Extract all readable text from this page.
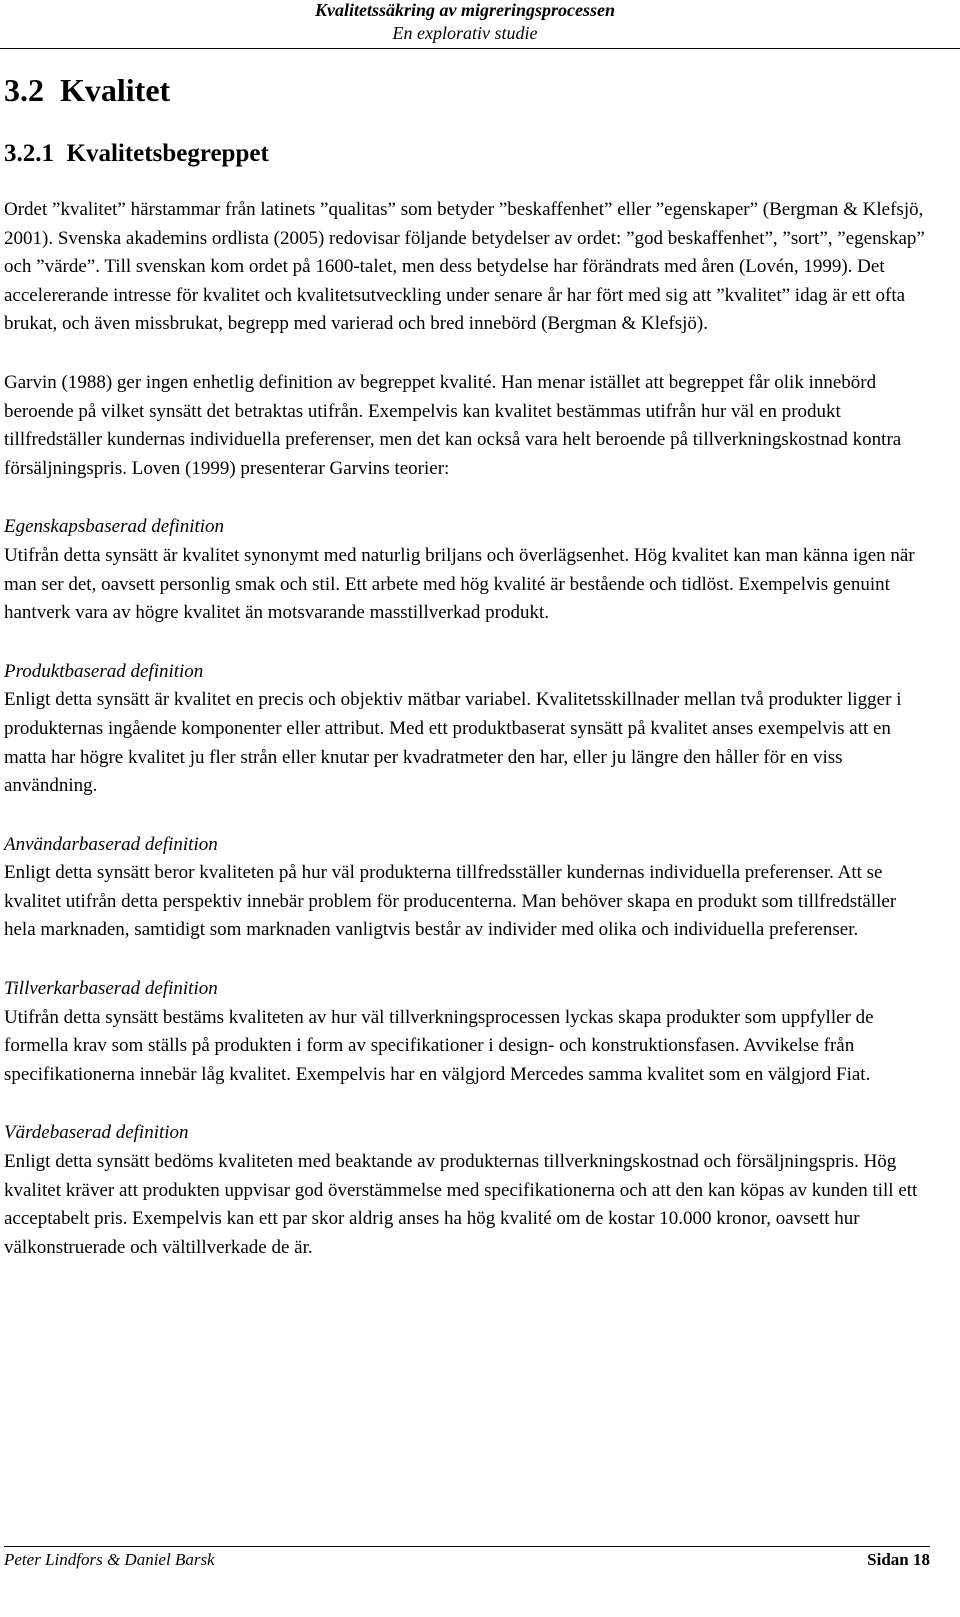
Kvalitetssäkring av migreringsprocessen
En explorativ studie
3.2  Kvalitet
3.2.1  Kvalitetsbegreppet

Ordet ”kvalitet” härstammar från latinets ”qualitas” som betyder ”beskaffenhet” eller ”egenskaper” (Bergman & Klefsjö, 2001). Svenska akademins ordlista (2005) redovisar följande betydelser av ordet: ”god beskaffenhet”, ”sort”, ”egenskap” och ”värde”. Till svenskan kom ordet på 1600-talet, men dess betydelse har förändrats med åren (Lovén, 1999). Det accelererande intresse för kvalitet och kvalitetsutveckling under senare år har fört med sig att ”kvalitet” idag är ett ofta brukat, och även missbrukat, begrepp med varierad och bred innebörd (Bergman & Klefsjö).

Garvin (1988) ger ingen enhetlig definition av begreppet kvalité. Han menar istället att begreppet får olik innebörd beroende på vilket synsätt det betraktas utifrån. Exempelvis kan kvalitet bestämmas utifrån hur väl en produkt tillfredställer kundernas individuella preferenser, men det kan också vara helt beroende på tillverkningskostnad kontra försäljningspris. Loven (1999) presenterar Garvins teorier:

Egenskapsbaserad definition

Utifrån detta synsätt är kvalitet synonymt med naturlig briljans och överlägsenhet. Hög kvalitet kan man känna igen när man ser det, oavsett personlig smak och stil. Ett arbete med hög kvalité är bestående och tidlöst. Exempelvis genuint hantverk vara av högre kvalitet än motsvarande masstillverkad produkt.

Produktbaserad definition

Enligt detta synsätt är kvalitet en precis och objektiv mätbar variabel. Kvalitetsskillnader mellan två produkter ligger i produkternas ingående komponenter eller attribut. Med ett produktbaserat synsätt på kvalitet anses exempelvis att en matta har högre kvalitet ju fler strån eller knutar per kvadratmeter den har, eller ju längre den håller för en viss användning.

Användarbaserad definition

Enligt detta synsätt beror kvaliteten på hur väl produkterna tillfredsställer kundernas individuella preferenser. Att se kvalitet utifrån detta perspektiv innebär problem för producenterna. Man behöver skapa en produkt som tillfredställer hela marknaden, samtidigt som marknaden vanligtvis består av individer med olika och individuella preferenser.

Tillverkarbaserad definition

Utifrån detta synsätt bestäms kvaliteten av hur väl tillverkningsprocessen lyckas skapa produkter som uppfyller de formella krav som ställs på produkten i form av specifikationer i design- och konstruktionsfasen. Avvikelse från specifikationerna innebär låg kvalitet. Exempelvis har en välgjord Mercedes samma kvalitet som en välgjord Fiat.

Värdebaserad definition

Enligt detta synsätt bedöms kvaliteten med beaktande av produkternas tillverkningskostnad och försäljningspris. Hög kvalitet kräver att produkten uppvisar god överstämmelse med specifikationerna och att den kan köpas av kunden till ett acceptabelt pris. Exempelvis kan ett par skor aldrig anses ha hög kvalité om de kostar 10.000 kronor, oavsett hur välkonstruerade och vältillverkade de är.

Peter Lindfors & Daniel Barsk	Sidan 18
